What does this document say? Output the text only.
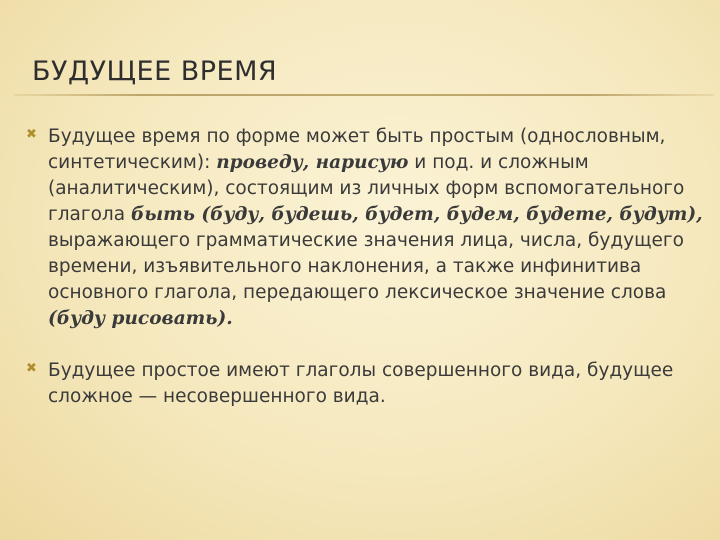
БУДУЩЕЕ ВРЕМЯ
✖ Будущее время по форме может быть простым (однословным, синтетическим): проведу, нарисую и под. и сложным (аналитическим), состоящим из личных форм вспомогательного глагола быть (буду, будешь, будет, будем, будете, будут), выражающего грамматические значения лица, числа, будущего времени, изъявительного наклонения, а также инфинитива основного глагола, передающего лексическое значение слова (буду рисовать).
✖ Будущее простое имеют глаголы совершенного вида, будущее сложное — несовершенного вида.
